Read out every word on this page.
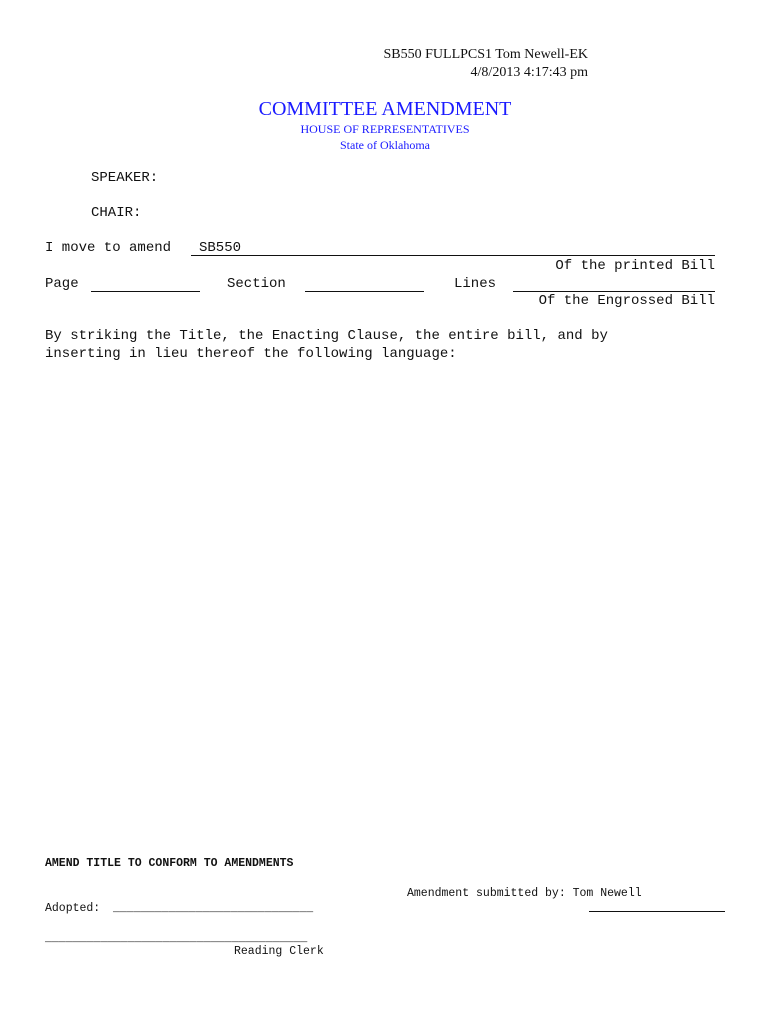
SB550 FULLPCS1 Tom Newell-EK
4/8/2013 4:17:43 pm
COMMITTEE AMENDMENT
HOUSE OF REPRESENTATIVES
State of Oklahoma
SPEAKER:
CHAIR:
I move to amend SB550
Of the printed Bill
Page	Section	Lines
Of the Engrossed Bill
By striking the Title, the Enacting Clause, the entire bill, and by
inserting in lieu thereof the following language:
AMEND TITLE TO CONFORM TO AMENDMENTS
Amendment submitted by: Tom Newell
Adopted: _____________________________
______________________________________
Reading Clerk
